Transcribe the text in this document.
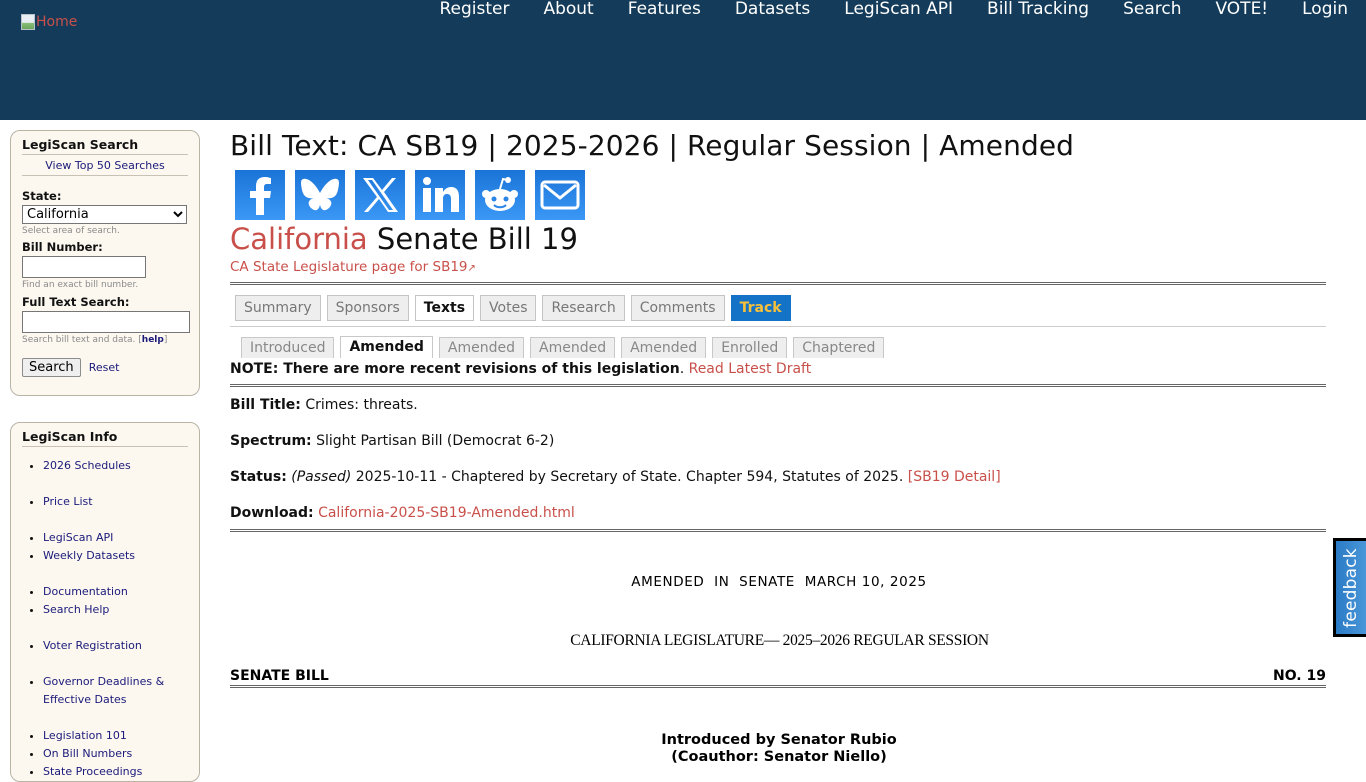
Home
Register	About	Features	Datasets	LegiScan API	Bill Tracking	Search	VOTE!	Login
LegiScan Search
View Top 50 Searches
State:
California
Select area of search.
Bill Number:
Find an exact bill number.
Full Text Search:
Search bill text and data. [help]
Search Reset
LegiScan Info
• 2026 Schedules
• Price List
• LegiScan API
• Weekly Datasets
• Documentation
• Search Help
• Voter Registration
• Governor Deadlines & Effective Dates
• Legislation 101
• On Bill Numbers
• State Proceedings
Bill Text: CA SB19 | 2025-2026 | Regular Session | Amended
California Senate Bill 19
CA State Legislature page for SB19↗
Summary	Sponsors	Texts	Votes	Research	Comments	Track
Introduced	Amended	Amended	Amended	Amended	Enrolled	Chaptered
NOTE: There are more recent revisions of this legislation. Read Latest Draft

Bill Title: Crimes: threats.

Spectrum: Slight Partisan Bill (Democrat 6-2)

Status: (Passed) 2025-10-11 - Chaptered by Secretary of State. Chapter 594, Statutes of 2025. [SB19 Detail]

Download: California-2025-SB19-Amended.html

AMENDED  IN  SENATE  MARCH 10, 2025
CALIFORNIA LEGISLATURE— 2025–2026 REGULAR SESSION
SENATE BILL	NO. 19
Introduced by Senator Rubio
(Coauthor: Senator Niello)
feedback
